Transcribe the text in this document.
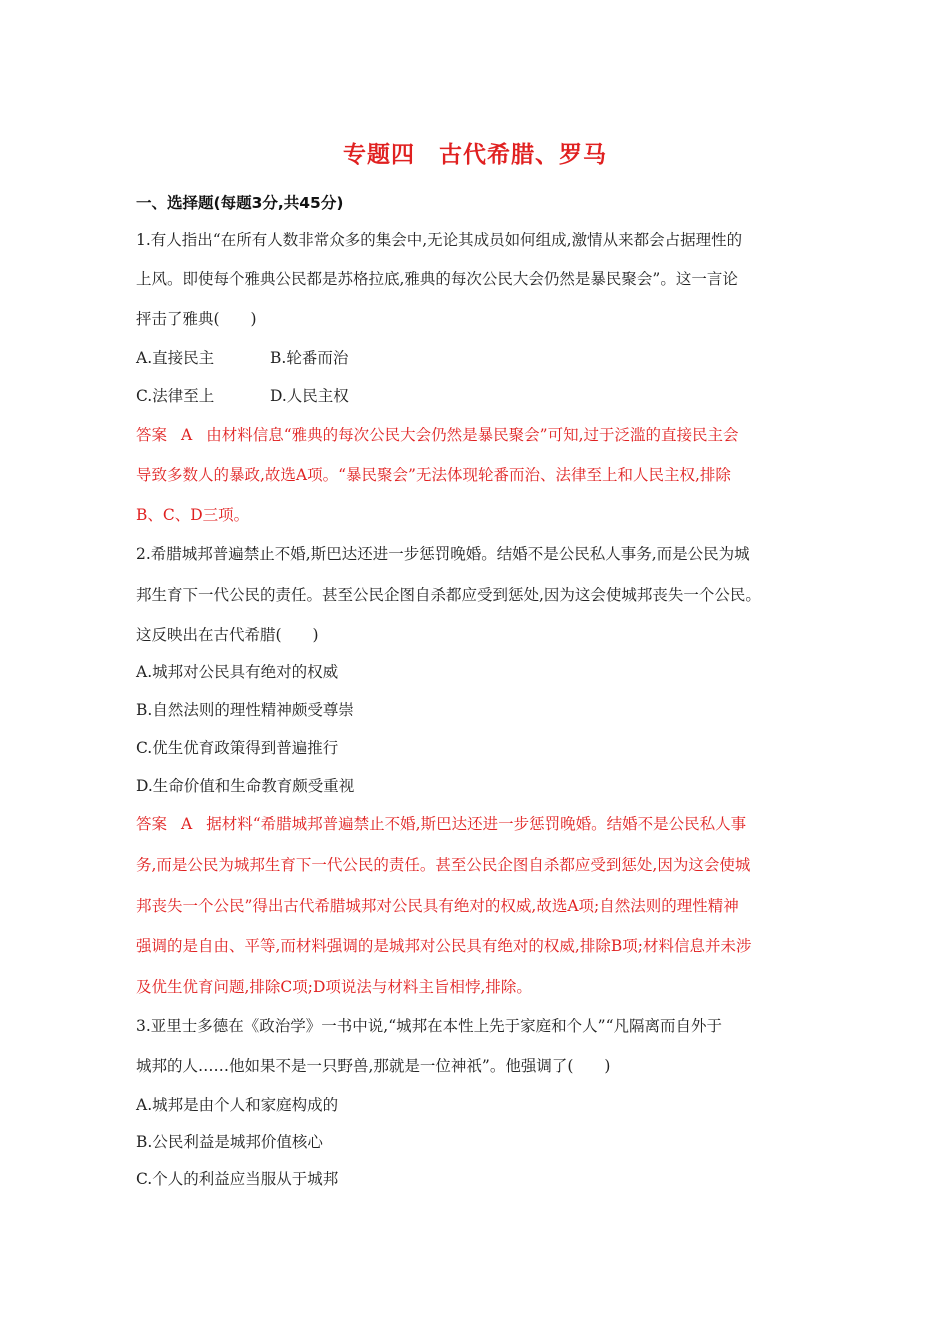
专题四　古代希腊、罗马
一、选择题(每题3分,共45分)
1.有人指出“在所有人数非常众多的集会中,无论其成员如何组成,激情从来都会占据理性的
上风。即使每个雅典公民都是苏格拉底,雅典的每次公民大会仍然是暴民聚会”。这一言论
抨击了雅典(　　)
A.直接民主	B.轮番而治
C.法律至上	D.人民主权
答案 A 由材料信息“雅典的每次公民大会仍然是暴民聚会”可知,过于泛滥的直接民主会
导致多数人的暴政,故选A项。“暴民聚会”无法体现轮番而治、法律至上和人民主权,排除
B、C、D三项。
2.希腊城邦普遍禁止不婚,斯巴达还进一步惩罚晚婚。结婚不是公民私人事务,而是公民为城
邦生育下一代公民的责任。甚至公民企图自杀都应受到惩处,因为这会使城邦丧失一个公民。
这反映出在古代希腊(　　)
A.城邦对公民具有绝对的权威
B.自然法则的理性精神颇受尊崇
C.优生优育政策得到普遍推行
D.生命价值和生命教育颇受重视
答案 A 据材料“希腊城邦普遍禁止不婚,斯巴达还进一步惩罚晚婚。结婚不是公民私人事
务,而是公民为城邦生育下一代公民的责任。甚至公民企图自杀都应受到惩处,因为这会使城
邦丧失一个公民”得出古代希腊城邦对公民具有绝对的权威,故选A项;自然法则的理性精神
强调的是自由、平等,而材料强调的是城邦对公民具有绝对的权威,排除B项;材料信息并未涉
及优生优育问题,排除C项;D项说法与材料主旨相悖,排除。
3.亚里士多德在《政治学》一书中说,“城邦在本性上先于家庭和个人”“凡隔离而自外于
城邦的人……他如果不是一只野兽,那就是一位神祇”。他强调了(　　)
A.城邦是由个人和家庭构成的
B.公民利益是城邦价值核心
C.个人的利益应当服从于城邦
